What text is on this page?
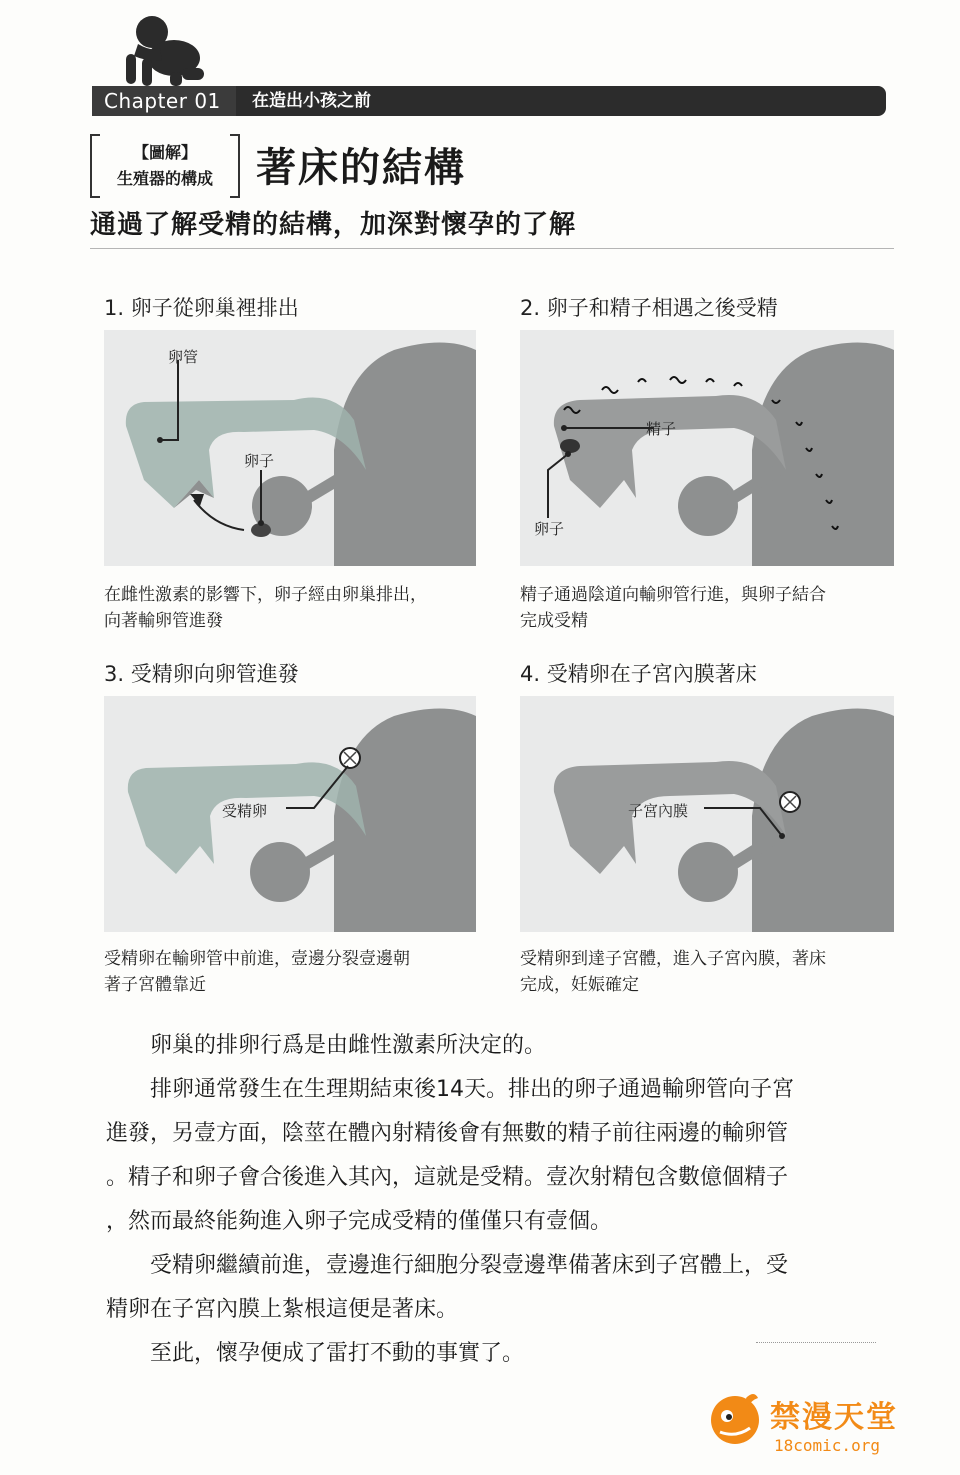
Chapter 01	在造出小孩之前
【圖解】
生殖器的構成	著床的結構
通過了解受精的結構，加深對懷孕的了解
1. 卵子從卵巢裡排出
卵管
卵子
在雌性激素的影響下，卵子經由卵巢排出，
向著輸卵管進發
2. 卵子和精子相遇之後受精
精子
卵子
精子通過陰道向輸卵管行進，與卵子結合
完成受精
3. 受精卵向卵管進發
受精卵
受精卵在輸卵管中前進，壹邊分裂壹邊朝
著子宮體靠近
4. 受精卵在子宮內膜著床
子宮內膜
受精卵到達子宮體，進入子宮內膜，著床
完成，妊娠確定
　　卵巢的排卵行爲是由雌性激素所決定的。
　　排卵通常發生在生理期結束後14天。排出的卵子通過輸卵管向子宮
進發，另壹方面，陰莖在體內射精後會有無數的精子前往兩邊的輸卵管
。精子和卵子會合後進入其內，這就是受精。壹次射精包含數億個精子
，然而最終能夠進入卵子完成受精的僅僅只有壹個。
　　受精卵繼續前進，壹邊進行細胞分裂壹邊準備著床到子宮體上，受
精卵在子宮內膜上紮根這便是著床。
　　至此，懷孕便成了雷打不動的事實了。
禁漫天堂
18comic.org
